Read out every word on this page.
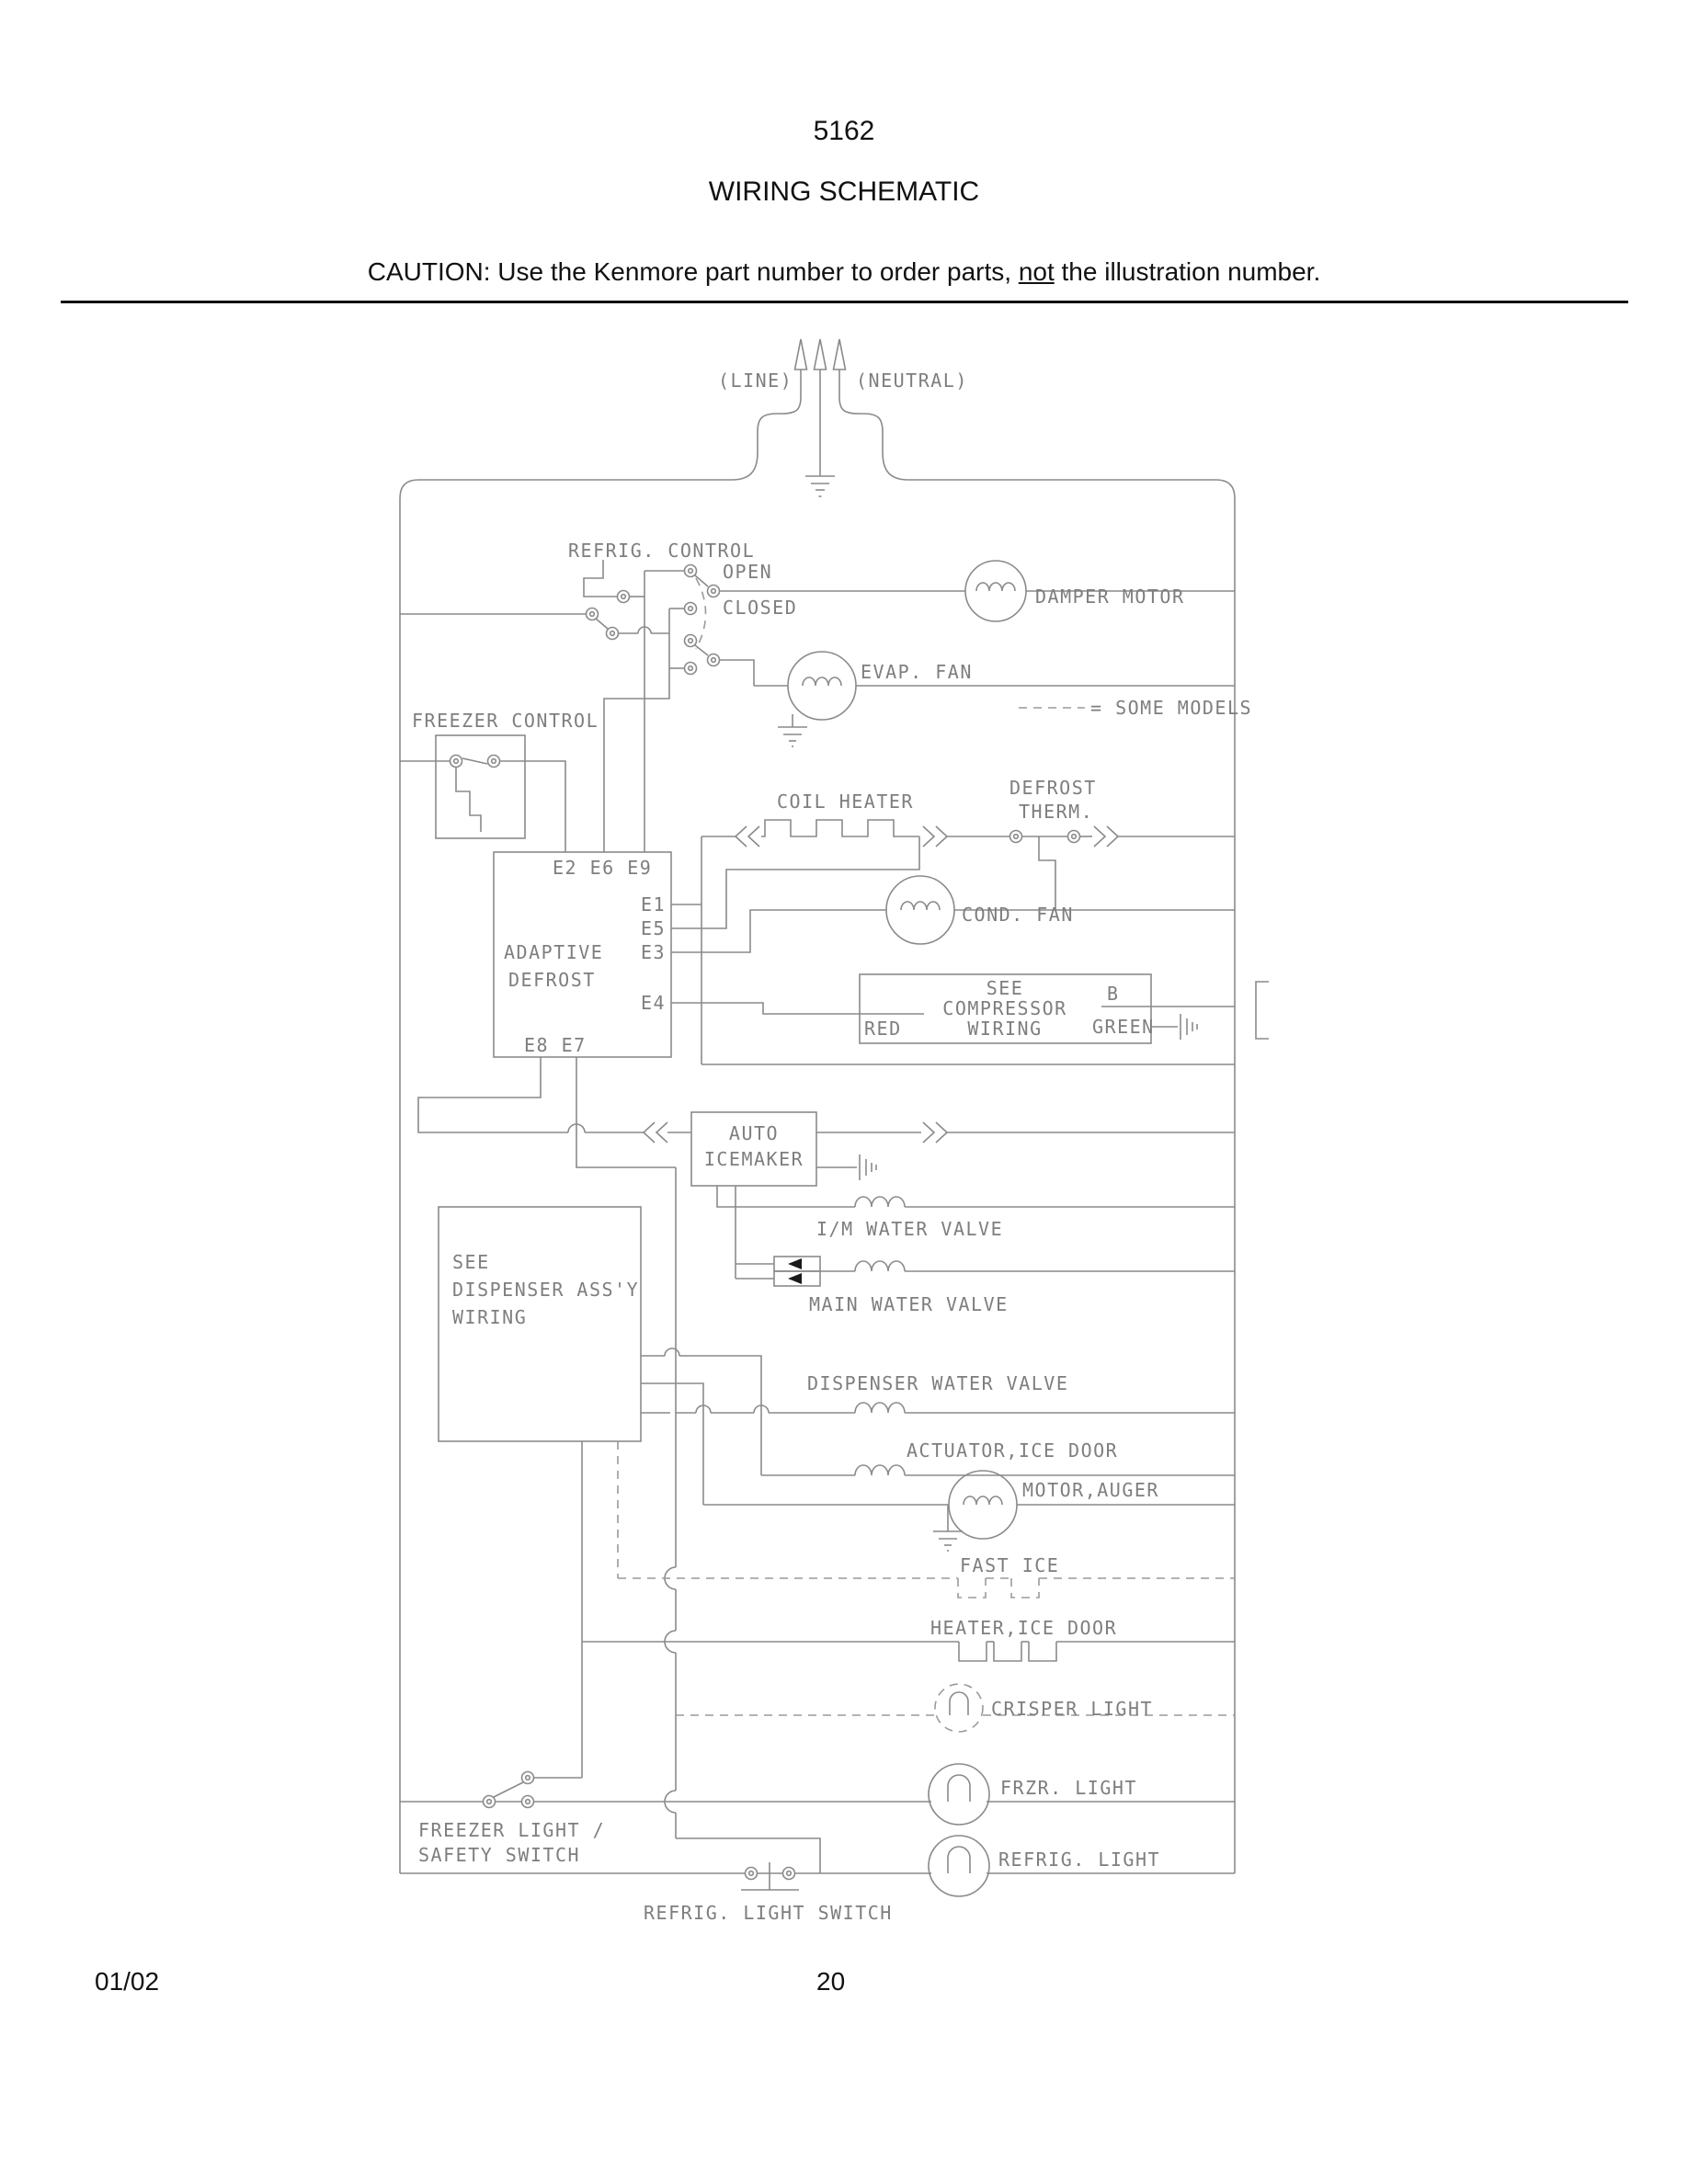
5162
WIRING SCHEMATIC
CAUTION: Use the Kenmore part number to order parts, not the illustration number.
(LINE)	(NEUTRAL)
REFRIG. CONTROL
OPEN
CLOSED	DAMPER MOTOR
EVAP. FAN
= SOME MODELS
FREEZER CONTROL
E2 E6 E9
E1
E5
ADAPTIVE E3
DEFROST
E4
E8 E7
COIL HEATER
DEFROST
THERM.
COND. FAN
SEE
COMPRESSOR
WIRING
RED
B
GREEN
AUTO
ICEMAKER
I/M WATER VALVE
MAIN WATER VALVE
SEE
DISPENSER ASS'Y
WIRING
DISPENSER WATER VALVE
ACTUATOR,ICE DOOR
MOTOR,AUGER
FAST ICE
HEATER,ICE DOOR
CRISPER LIGHT
FRZR. LIGHT
FREEZER LIGHT /
SAFETY SWITCH	REFRIG. LIGHT
REFRIG. LIGHT SWITCH
01/02	20
